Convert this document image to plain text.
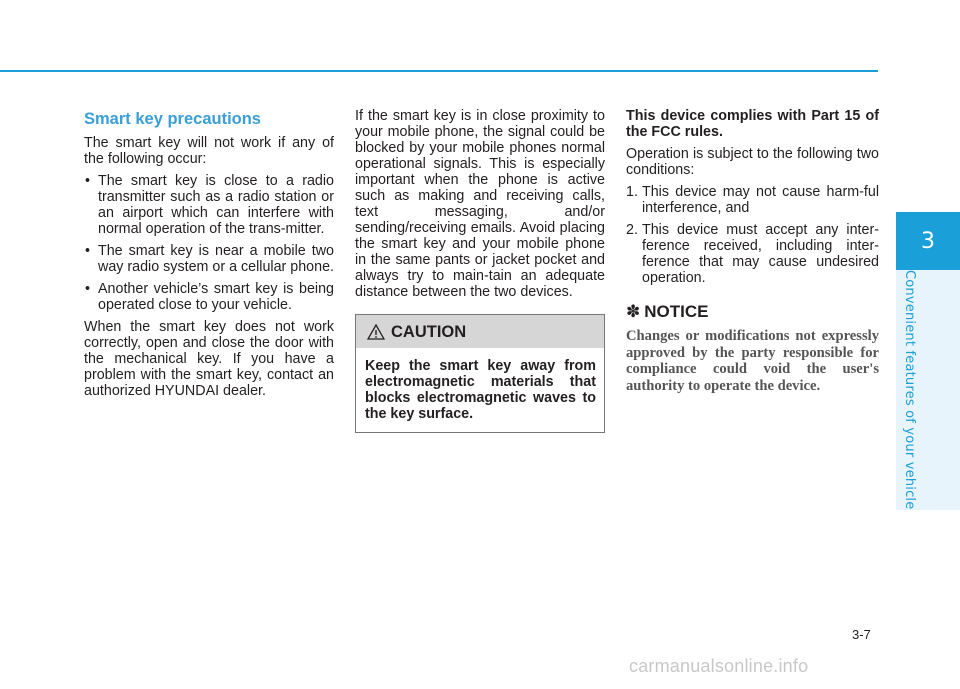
3
Convenient features of your vehicle
Smart key precautions

The smart key will not work if any of the following occur:

• The smart key is close to a radio transmitter such as a radio station or an airport which can interfere with normal operation of the trans-mitter.
• The smart key is near a mobile two way radio system or a cellular phone.
• Another vehicle’s smart key is being operated close to your vehicle.

When the smart key does not work correctly, open and close the door with the mechanical key. If you have a problem with the smart key, contact an authorized HYUNDAI dealer.

If the smart key is in close proximity to your mobile phone, the signal could be blocked by your mobile phones normal operational signals. This is especially important when the phone is active such as making and receiving calls, text messaging, and/or sending/receiving emails. Avoid placing the smart key and your mobile phone in the same pants or jacket pocket and always try to main-tain an adequate distance between the two devices.

CAUTION
Keep the smart key away from electromagnetic materials that blocks electromagnetic waves to the key surface.

This device complies with Part 15 of the FCC rules.

Operation is subject to the following two conditions:

1. This device may not cause harm-ful interference, and
2. This device must accept any inter-ference received, including inter-ference that may cause undesired operation.
✽ NOTICE
Changes or modifications not expressly approved by the party responsible for compliance could void the user's authority to operate the device.
3-7
carmanualsonline.info
